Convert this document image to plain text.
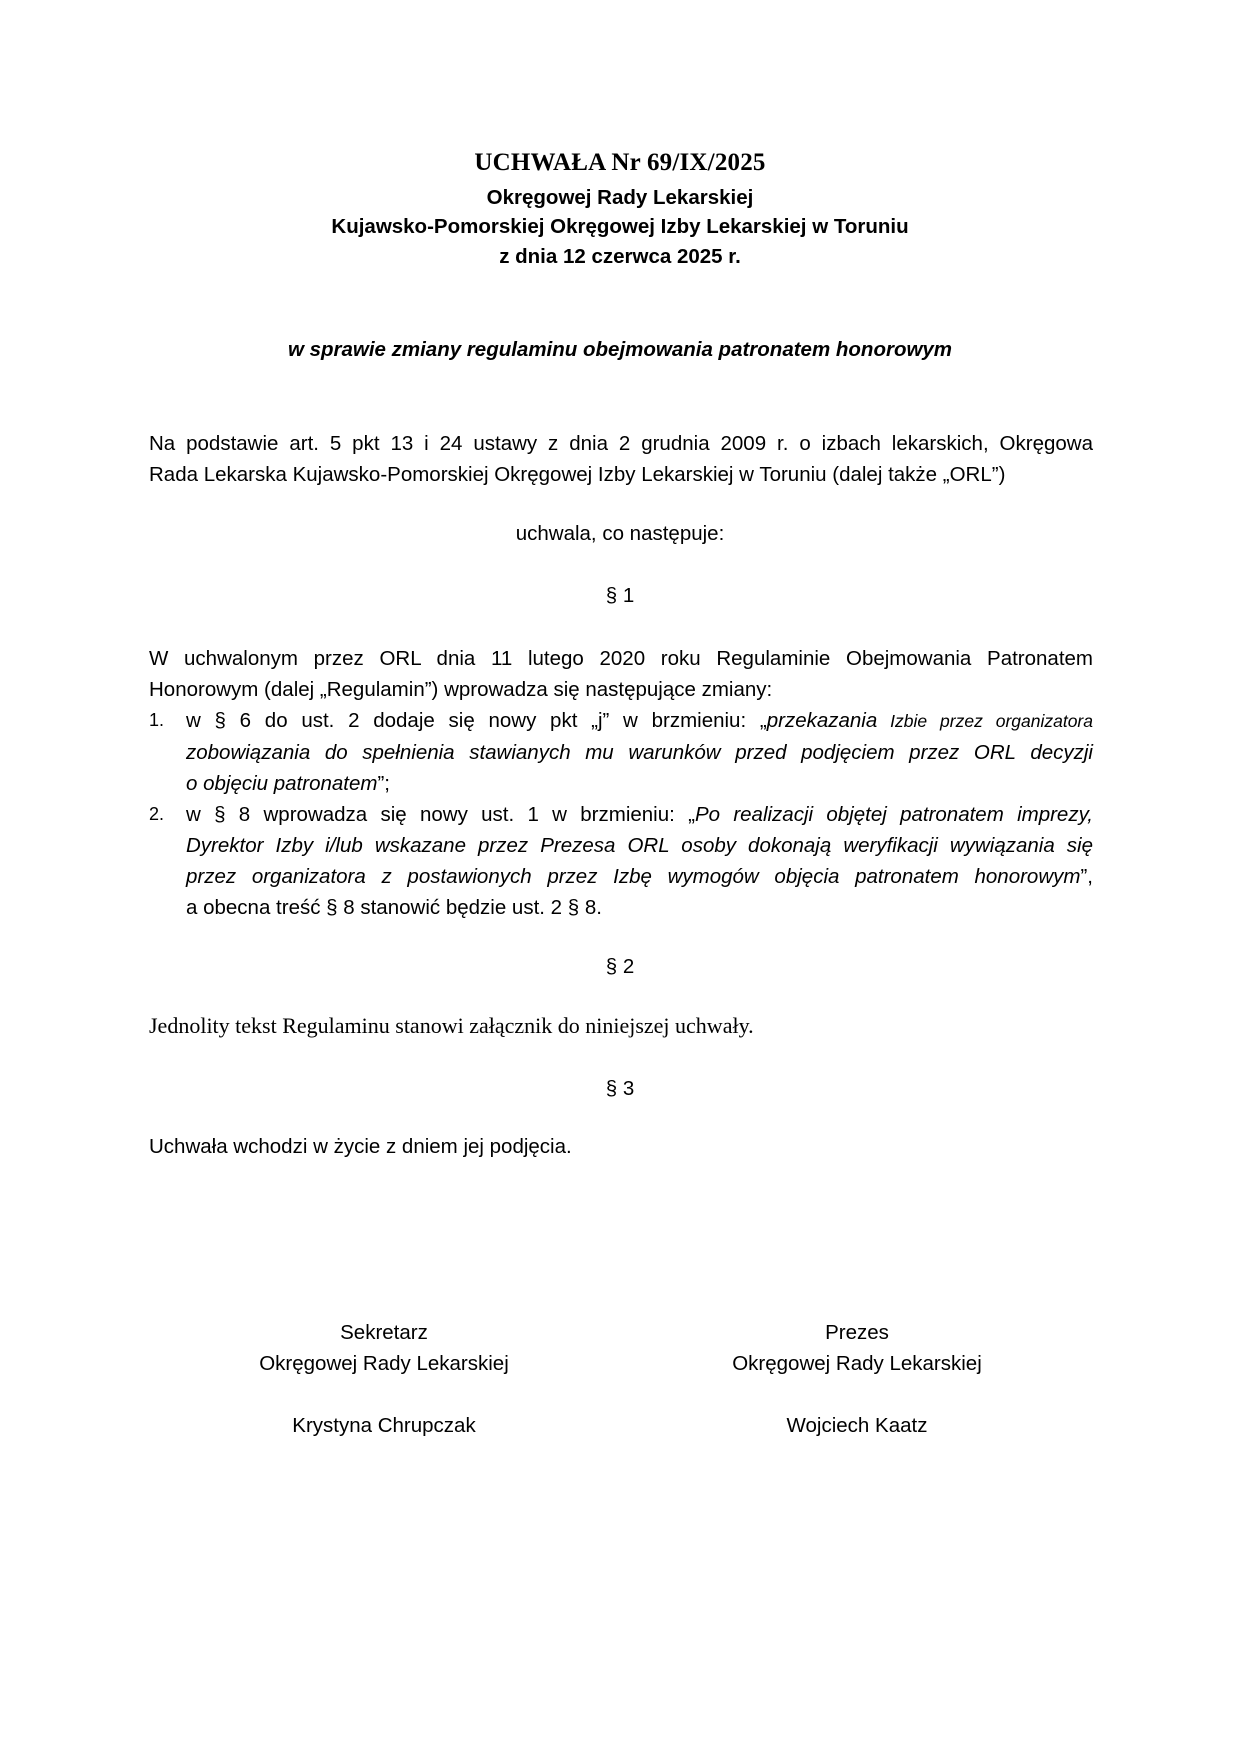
UCHWAŁA Nr 69/IX/2025
Okręgowej Rady Lekarskiej
Kujawsko-Pomorskiej Okręgowej Izby Lekarskiej w Toruniu
z dnia 12 czerwca 2025 r.
w sprawie zmiany regulaminu obejmowania patronatem honorowym
Na podstawie art. 5 pkt 13 i 24 ustawy z dnia 2 grudnia 2009 r. o izbach lekarskich, Okręgowa
Rada Lekarska Kujawsko-Pomorskiej Okręgowej Izby Lekarskiej w Toruniu (dalej także „ORL”)
uchwala, co następuje:
§ 1
W uchwalonym przez ORL dnia 11 lutego 2020 roku Regulaminie Obejmowania Patronatem
Honorowym (dalej „Regulamin”) wprowadza się następujące zmiany:
1. w § 6 do ust. 2 dodaje się nowy pkt „j” w brzmieniu: „przekazania Izbie przez organizatora
zobowiązania do spełnienia stawianych mu warunków przed podjęciem przez ORL decyzji
o objęciu patronatem”;
2. w § 8 wprowadza się nowy ust. 1 w brzmieniu: „Po realizacji objętej patronatem imprezy,
Dyrektor Izby i/lub wskazane przez Prezesa ORL osoby dokonają weryfikacji wywiązania się
przez organizatora z postawionych przez Izbę wymogów objęcia patronatem honorowym”,
a obecna treść § 8 stanowić będzie ust. 2 § 8.
§ 2
Jednolity tekst Regulaminu stanowi załącznik do niniejszej uchwały.
§ 3
Uchwała wchodzi w życie z dniem jej podjęcia.
Sekretarz
Okręgowej Rady Lekarskiej
Krystyna Chrupczak
Prezes
Okręgowej Rady Lekarskiej
Wojciech Kaatz
